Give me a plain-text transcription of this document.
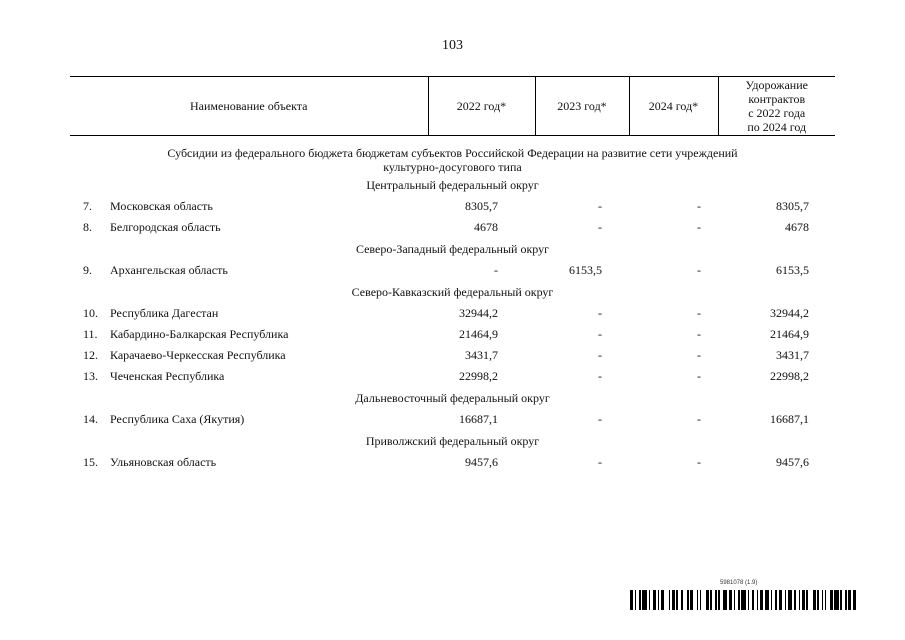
103
Наименование объекта	2022 год*	2023 год*	2024 год*	Удорожание
контрактов
с 2022 года
по 2024 год

Субсидии из федерального бюджета бюджетам субъектов Российской Федерации на развитие сети учреждений
культурно-досугового типа				

Центральный федеральный округ				
7. Московская область	8305,7	-	-	8305,7
8. Белгородская область	4678	-	-	4678
Северо-Западный федеральный округ				
9. Архангельская область	-	6153,5	-	6153,5
Северо-Кавказский федеральный округ				
10. Республика Дагестан	32944,2	-	-	32944,2
11. Кабардино-Балкарская Республика	21464,9	-	-	21464,9
12. Карачаево-Черкесская Республика	3431,7	-	-	3431,7
13. Чеченская Республика	22998,2	-	-	22998,2
Дальневосточный федеральный округ				
14. Республика Саха (Якутия)	16687,1	-	-	16687,1
Приволжский федеральный округ				
15. Ульяновская область	9457,6	-	-	9457,6
5981078 (1.9)
